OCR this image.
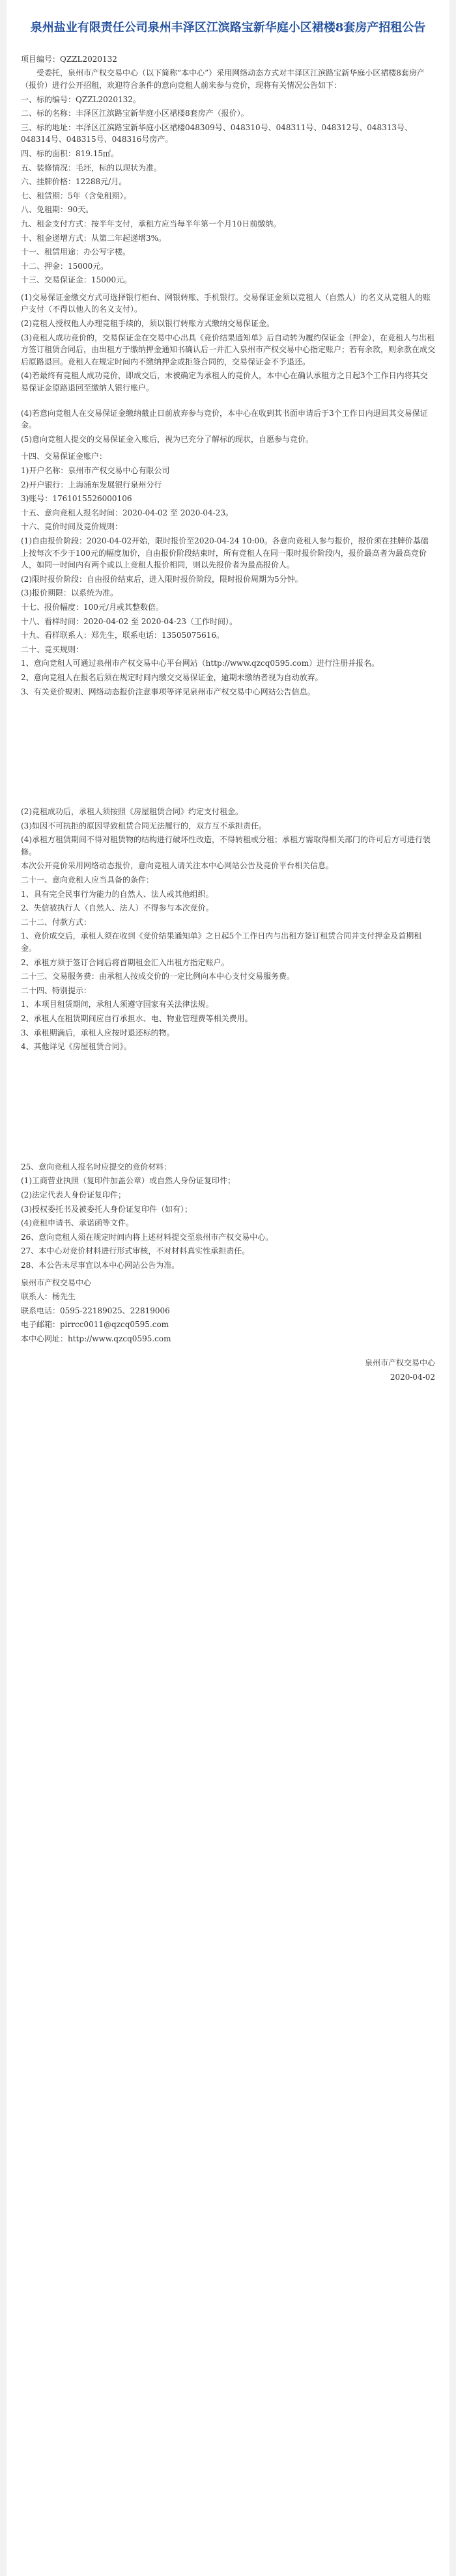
泉州盐业有限责任公司泉州丰泽区江滨路宝新华庭小区裙楼8套房产招租公告
项目编号：QZZL2020132
受委托，泉州市产权交易中心（以下简称“本中心”）采用网络动态方式对丰泽区江滨路宝新华庭小区裙楼8套房产（报价）进行公开招租，欢迎符合条件的意向竞租人前来参与竞价，现将有关情况公告如下：
一、标的编号：QZZL2020132。
二、标的名称：丰泽区江滨路宝新华庭小区裙楼8套房产（报价）。
三、标的地址：丰泽区江滨路宝新华庭小区裙楼048309号、048310号、048311号、048312号、048313号、048314号、048315号、048316号房产。
四、标的面积：819.15㎡。
五、装修情况：毛坯，标的以现状为准。
六、挂牌价格：12288元/月。
七、租赁期：5年（含免租期）。
八、免租期：90天。
九、租金支付方式：按半年支付，承租方应当每半年第一个月10日前缴纳。
十、租金递增方式：从第二年起递增3%。
十一、租赁用途：办公写字楼。
十二、押金：15000元。
十三、交易保证金：15000元。
(1)交易保证金缴交方式可选择银行柜台、网银转账、手机银行。交易保证金须以竞租人（自然人）的名义从竞租人的账户支付（不得以他人的名义支付）。
(2)竞租人授权他人办理竞租手续的，须以银行转账方式缴纳交易保证金。
(3)竞租人成功竞价的，交易保证金在交易中心出具《竞价结果通知单》后自动转为履约保证金（押金），在竞租人与出租方签订租赁合同后，由出租方于缴纳押金通知书确认后一并汇入泉州市产权交易中心指定账户；若有余款，则余款在成交后原路退回。竞租人在规定时间内不缴纳押金或拒签合同的，交易保证金不予退还。
(4)若最终有竞租人成功竞价，即成交后，未被确定为承租人的竞价人，本中心在确认承租方之日起3个工作日内将其交易保证金原路退回至缴纳人银行账户。
(4)若意向竞租人在交易保证金缴纳截止日前放弃参与竞价，本中心在收到其书面申请后于3个工作日内退回其交易保证金。
(5)意向竞租人提交的交易保证金入账后，视为已充分了解标的现状，自愿参与竞价。
十四、交易保证金账户：
1)开户名称：泉州市产权交易中心有限公司
2)开户银行：上海浦东发展银行泉州分行
3)账号：1761015526000106
十五、意向竞租人报名时间：2020-04-02 至 2020-04-23。
十六、竞价时间及竞价规则：
(1)自由报价阶段：2020-04-02开始，限时报价至2020-04-24 10:00。各意向竞租人参与报价，报价须在挂牌价基础上按每次不少于100元的幅度加价，自由报价阶段结束时，所有竞租人在同一限时报价阶段内，报价最高者为最高竞价人，如同一时间内有两个或以上竞租人报价相同，则以先报价者为最高报价人。
(2)限时报价阶段：自由报价结束后，进入限时报价阶段，限时报价周期为5分钟。
(3)报价期限：以系统为准。
十七、报价幅度：100元/月或其整数倍。
十八、看样时间：2020-04-02 至 2020-04-23（工作时间）。
十九、看样联系人：郑先生，联系电话：13505075616。
二十、竞买规则：
1、意向竞租人可通过泉州市产权交易中心平台网站（http://www.qzcq0595.com）进行注册并报名。
2、意向竞租人在报名后须在规定时间内缴交交易保证金，逾期未缴纳者视为自动放弃。
3、有关竞价规则、网络动态报价注意事项等详见泉州市产权交易中心网站公告信息。
(2)竞租成功后，承租人须按照《房屋租赁合同》约定支付租金。
(3)如因不可抗拒的原因导致租赁合同无法履行的，双方互不承担责任。
(4)承租方租赁期间不得对租赁物的结构进行破坏性改造，不得转租或分租；承租方需取得相关部门的许可后方可进行装修。
本次公开竞价采用网络动态报价，意向竞租人请关注本中心网站公告及竞价平台相关信息。
二十一、意向竞租人应当具备的条件：
1、具有完全民事行为能力的自然人、法人或其他组织。
2、失信被执行人（自然人、法人）不得参与本次竞价。
二十二、付款方式：
1、竞价成交后，承租人须在收到《竞价结果通知单》之日起5个工作日内与出租方签订租赁合同并支付押金及首期租金。
2、承租方须于签订合同后将首期租金汇入出租方指定账户。
二十三、交易服务费：由承租人按成交价的一定比例向本中心支付交易服务费。
二十四、特别提示：
1、本项目租赁期间，承租人须遵守国家有关法律法规。
2、承租人在租赁期间应自行承担水、电、物业管理费等相关费用。
3、承租期满后，承租人应按时退还标的物。
4、其他详见《房屋租赁合同》。
25、意向竞租人报名时应提交的竞价材料：
(1)工商营业执照（复印件加盖公章）或自然人身份证复印件；
(2)法定代表人身份证复印件；
(3)授权委托书及被委托人身份证复印件（如有）；
(4)竞租申请书、承诺函等文件。
26、意向竞租人须在规定时间内将上述材料提交至泉州市产权交易中心。
27、本中心对竞价材料进行形式审核，不对材料真实性承担责任。
28、本公告未尽事宜以本中心网站公告为准。
泉州市产权交易中心
联系人：杨先生
联系电话：0595-22189025、22819006
电子邮箱：pirrcc0011@qzcq0595.com
本中心网址：http://www.qzcq0595.com
泉州市产权交易中心
2020-04-02
